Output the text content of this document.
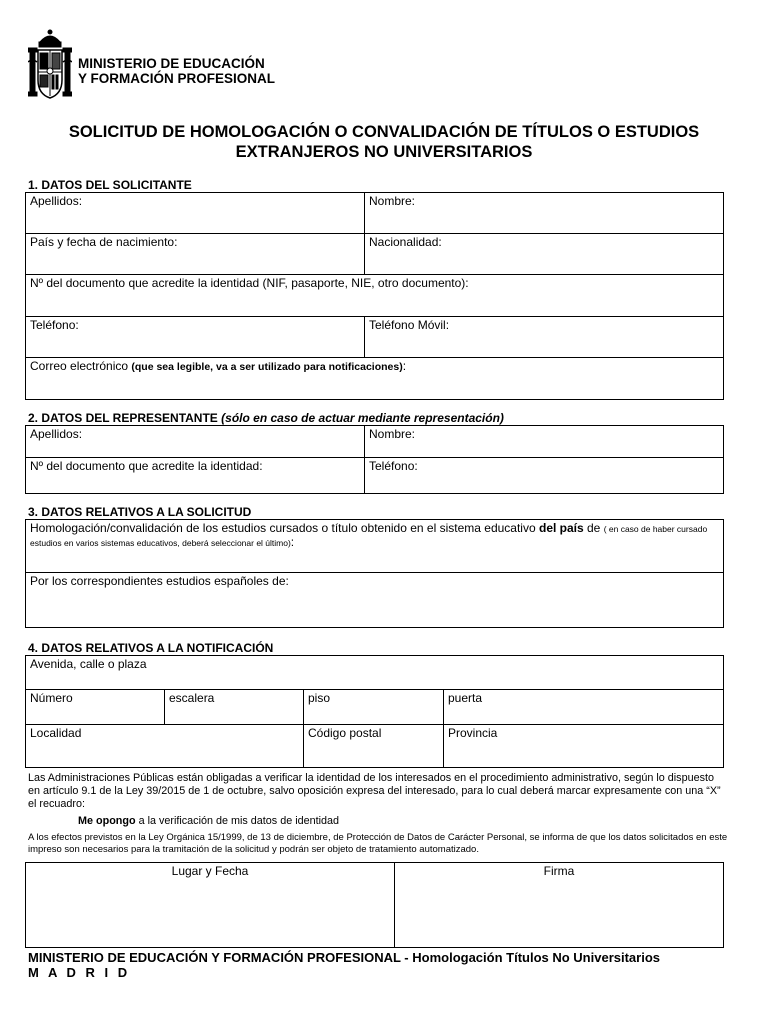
MINISTERIO DE EDUCACIÓN
Y FORMACIÓN PROFESIONAL
SOLICITUD DE HOMOLOGACIÓN O CONVALIDACIÓN DE TÍTULOS O ESTUDIOS
EXTRANJEROS NO UNIVERSITARIOS
1. DATOS DEL SOLICITANTE
Apellidos:	Nombre:
País y fecha de nacimiento:	Nacionalidad:
Nº del documento que acredite la identidad (NIF, pasaporte, NIE, otro documento):	
Teléfono:	Teléfono Móvil:
Correo electrónico (que sea legible, va a ser utilizado para notificaciones):	
2. DATOS DEL REPRESENTANTE (sólo en caso de actuar mediante representación)
Apellidos:	Nombre:
Nº del documento que acredite la identidad:	Teléfono:
3. DATOS RELATIVOS A LA SOLICITUD
Homologación/convalidación de los estudios cursados o título obtenido en el sistema educativo del país de ( en caso de haber cursado estudios en varios sistemas educativos, deberá seleccionar el último):
Por los correspondientes estudios españoles de:
4. DATOS RELATIVOS A LA NOTIFICACIÓN
Avenida, calle o plaza			
Número	escalera	piso	puerta
Localidad		Código postal	Provincia
Las Administraciones Públicas están obligadas a verificar la identidad de los interesados en el procedimiento administrativo, según lo dispuesto en artículo 9.1 de la Ley 39/2015 de 1 de octubre, salvo oposición expresa del interesado, para lo cual deberá marcar expresamente con una “X” el recuadro:
Me opongo a la verificación de mis datos de identidad
A los efectos previstos en la Ley Orgánica 15/1999, de 13 de diciembre, de Protección de Datos de Carácter Personal, se informa de que los datos solicitados en este impreso son necesarios para la tramitación de la solicitud y podrán ser objeto de tratamiento automatizado.
Lugar y Fecha	Firma
MINISTERIO DE EDUCACIÓN Y FORMACIÓN PROFESIONAL - Homologación Títulos No Universitarios
M A D R I D
